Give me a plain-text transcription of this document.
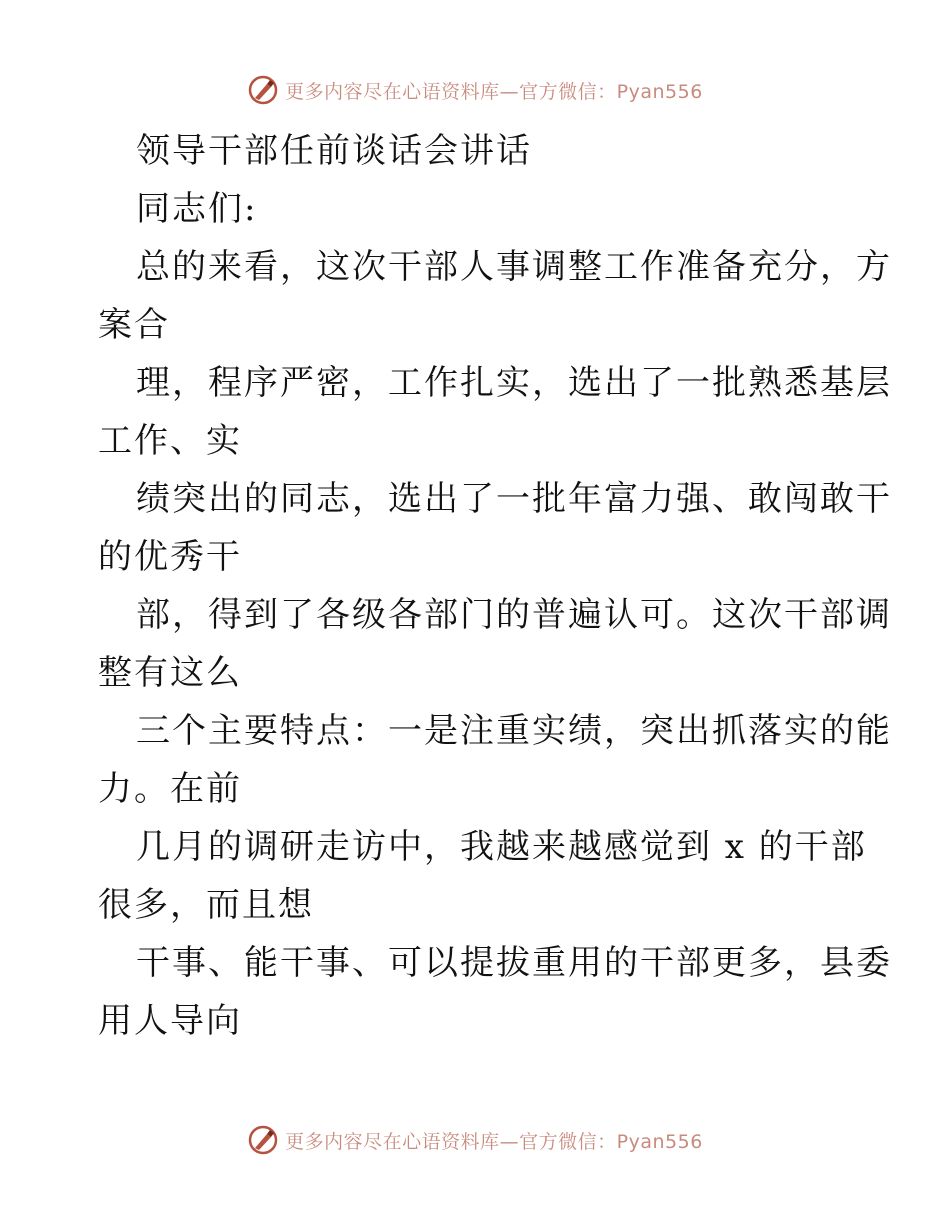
更多内容尽在心语资料库—官方微信：Pyan556
领导干部任前谈话会讲话
同志们:
总的来看，这次干部人事调整工作准备充分，方
案合
理，程序严密，工作扎实，选出了一批熟悉基层
工作、实
绩突出的同志，选出了一批年富力强、敢闯敢干
的优秀干
部，得到了各级各部门的普遍认可。这次干部调
整有这么
三个主要特点：一是注重实绩，突出抓落实的能
力。在前
几月的调研走访中，我越来越感觉到 x 的干部
很多，而且想
干事、能干事、可以提拔重用的干部更多，县委
用人导向
更多内容尽在心语资料库—官方微信：Pyan556
